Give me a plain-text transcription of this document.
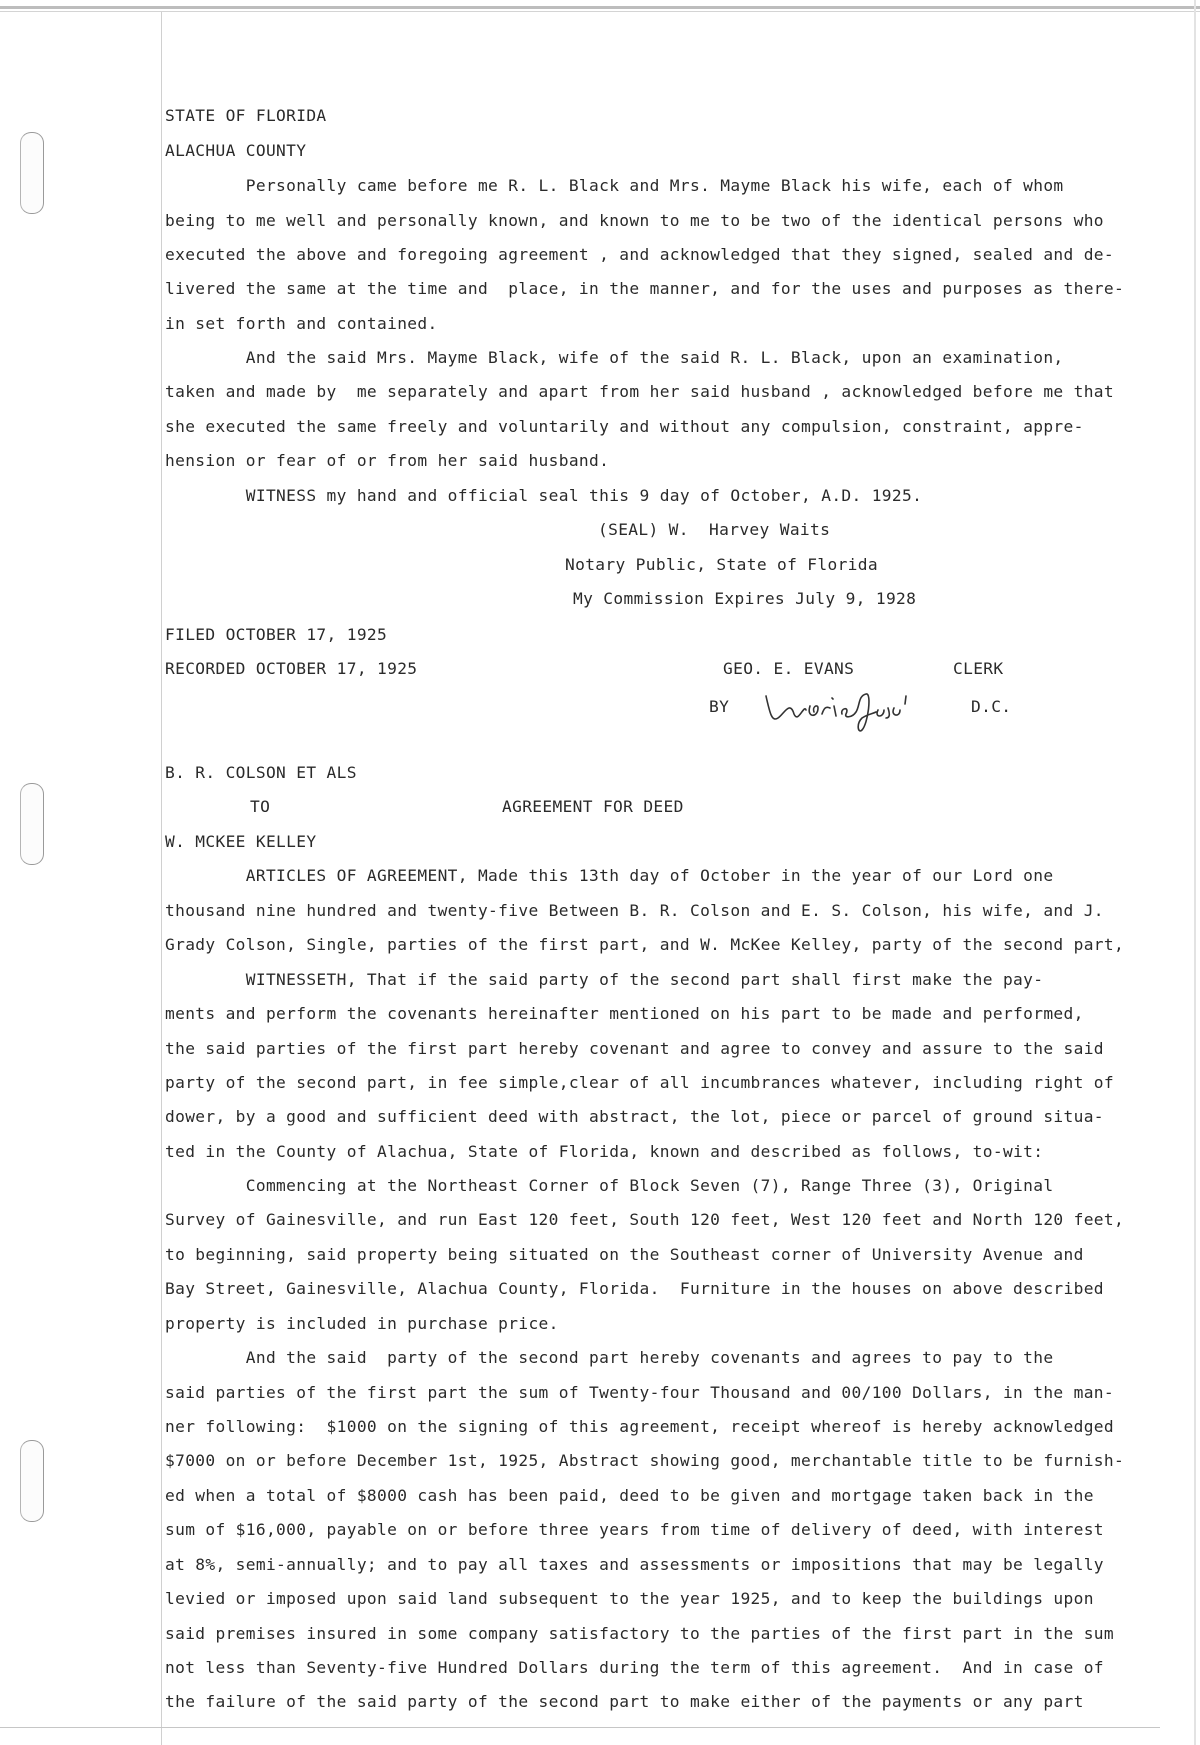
STATE OF FLORIDA
ALACHUA COUNTY
Personally came before me R. L. Black and Mrs. Mayme Black his wife, each of whom
being to me well and personally known, and known to me to be two of the identical persons who
executed the above and foregoing agreement , and acknowledged that they signed, sealed and de-
livered the same at the time and  place, in the manner, and for the uses and purposes as there-
in set forth and contained.
And the said Mrs. Mayme Black, wife of the said R. L. Black, upon an examination,
taken and made by  me separately and apart from her said husband , acknowledged before me that
she executed the same freely and voluntarily and without any compulsion, constraint, appre-
hension or fear of or from her said husband.
WITNESS my hand and official seal this 9 day of October, A.D. 1925.
(SEAL) W.  Harvey Waits
Notary Public, State of Florida
My Commission Expires July 9, 1928
FILED OCTOBER 17, 1925
RECORDED OCTOBER 17, 1925	GEO. E. EVANS	CLERK
BY	D.C.
B. R. COLSON ET ALS
TO	AGREEMENT FOR DEED
W. MCKEE KELLEY
ARTICLES OF AGREEMENT, Made this 13th day of October in the year of our Lord one
thousand nine hundred and twenty-five Between B. R. Colson and E. S. Colson, his wife, and J.
Grady Colson, Single, parties of the first part, and W. McKee Kelley, party of the second part,
WITNESSETH, That if the said party of the second part shall first make the pay-
ments and perform the covenants hereinafter mentioned on his part to be made and performed,
the said parties of the first part hereby covenant and agree to convey and assure to the said
party of the second part, in fee simple,clear of all incumbrances whatever, including right of
dower, by a good and sufficient deed with abstract, the lot, piece or parcel of ground situa-
ted in the County of Alachua, State of Florida, known and described as follows, to-wit:
Commencing at the Northeast Corner of Block Seven (7), Range Three (3), Original
Survey of Gainesville, and run East 120 feet, South 120 feet, West 120 feet and North 120 feet,
to beginning, said property being situated on the Southeast corner of University Avenue and
Bay Street, Gainesville, Alachua County, Florida.  Furniture in the houses on above described
property is included in purchase price.
And the said  party of the second part hereby covenants and agrees to pay to the
said parties of the first part the sum of Twenty-four Thousand and 00/100 Dollars, in the man-
ner following:  $1000 on the signing of this agreement, receipt whereof is hereby acknowledged
$7000 on or before December 1st, 1925, Abstract showing good, merchantable title to be furnish-
ed when a total of $8000 cash has been paid, deed to be given and mortgage taken back in the
sum of $16,000, payable on or before three years from time of delivery of deed, with interest
at 8%, semi-annually; and to pay all taxes and assessments or impositions that may be legally
levied or imposed upon said land subsequent to the year 1925, and to keep the buildings upon
said premises insured in some company satisfactory to the parties of the first part in the sum
not less than Seventy-five Hundred Dollars during the term of this agreement.  And in case of
the failure of the said party of the second part to make either of the payments or any part
